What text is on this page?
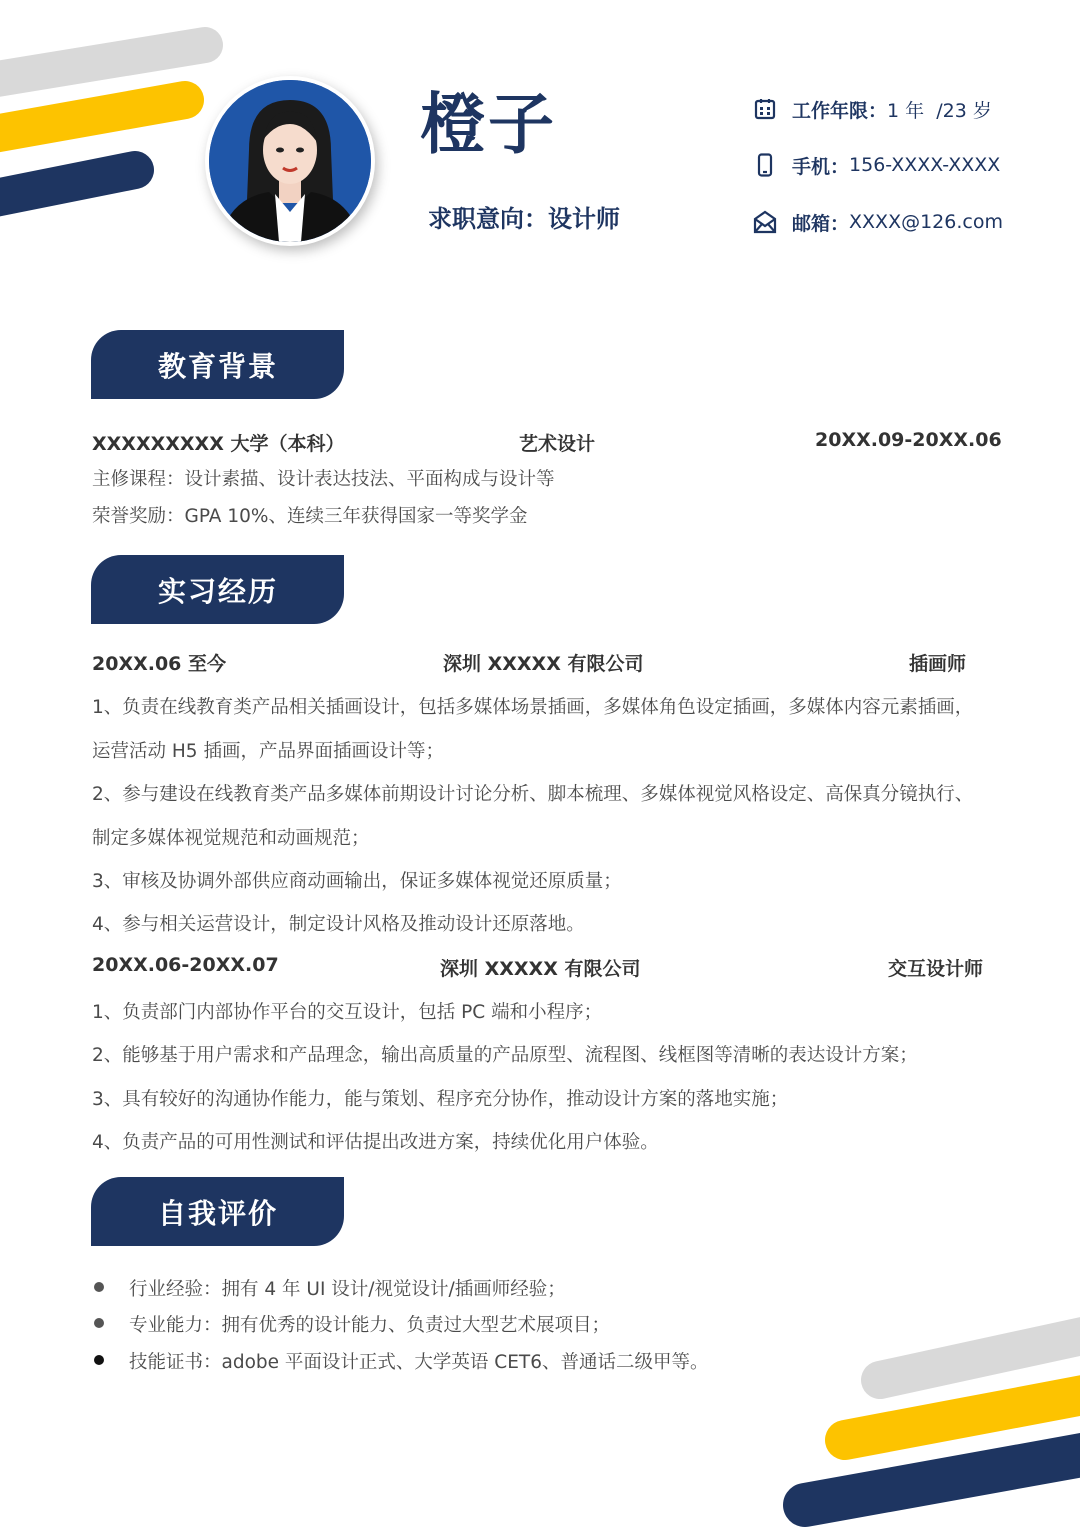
橙子
求职意向：设计师
工作年限： 1 年  /23 岁
手机： 156-XXXX-XXXX
邮箱： XXXX@126.com
教育背景
XXXXXXXXX 大学（本科）	艺术设计	20XX.09-20XX.06
主修课程：设计素描、设计表达技法、平面构成与设计等
荣誉奖励：GPA 10%、连续三年获得国家一等奖学金
实习经历
20XX.06 至今	深圳 XXXXX 有限公司	插画师
1、负责在线教育类产品相关插画设计，包括多媒体场景插画，多媒体角色设定插画，多媒体内容元素插画，
运营活动 H5 插画，产品界面插画设计等；
2、参与建设在线教育类产品多媒体前期设计讨论分析、脚本梳理、多媒体视觉风格设定、高保真分镜执行、
制定多媒体视觉规范和动画规范；
3、审核及协调外部供应商动画输出，保证多媒体视觉还原质量；
4、参与相关运营设计，制定设计风格及推动设计还原落地。
20XX.06-20XX.07	深圳 XXXXX 有限公司	交互设计师
1、负责部门内部协作平台的交互设计，包括 PC 端和小程序；
2、能够基于用户需求和产品理念，输出高质量的产品原型、流程图、线框图等清晰的表达设计方案；
3、具有较好的沟通协作能力，能与策划、程序充分协作，推动设计方案的落地实施；
4、负责产品的可用性测试和评估提出改进方案，持续优化用户体验。
自我评价
行业经验：拥有 4 年 UI 设计/视觉设计/插画师经验；
专业能力：拥有优秀的设计能力、负责过大型艺术展项目；
技能证书：adobe 平面设计正式、大学英语 CET6、普通话二级甲等。
